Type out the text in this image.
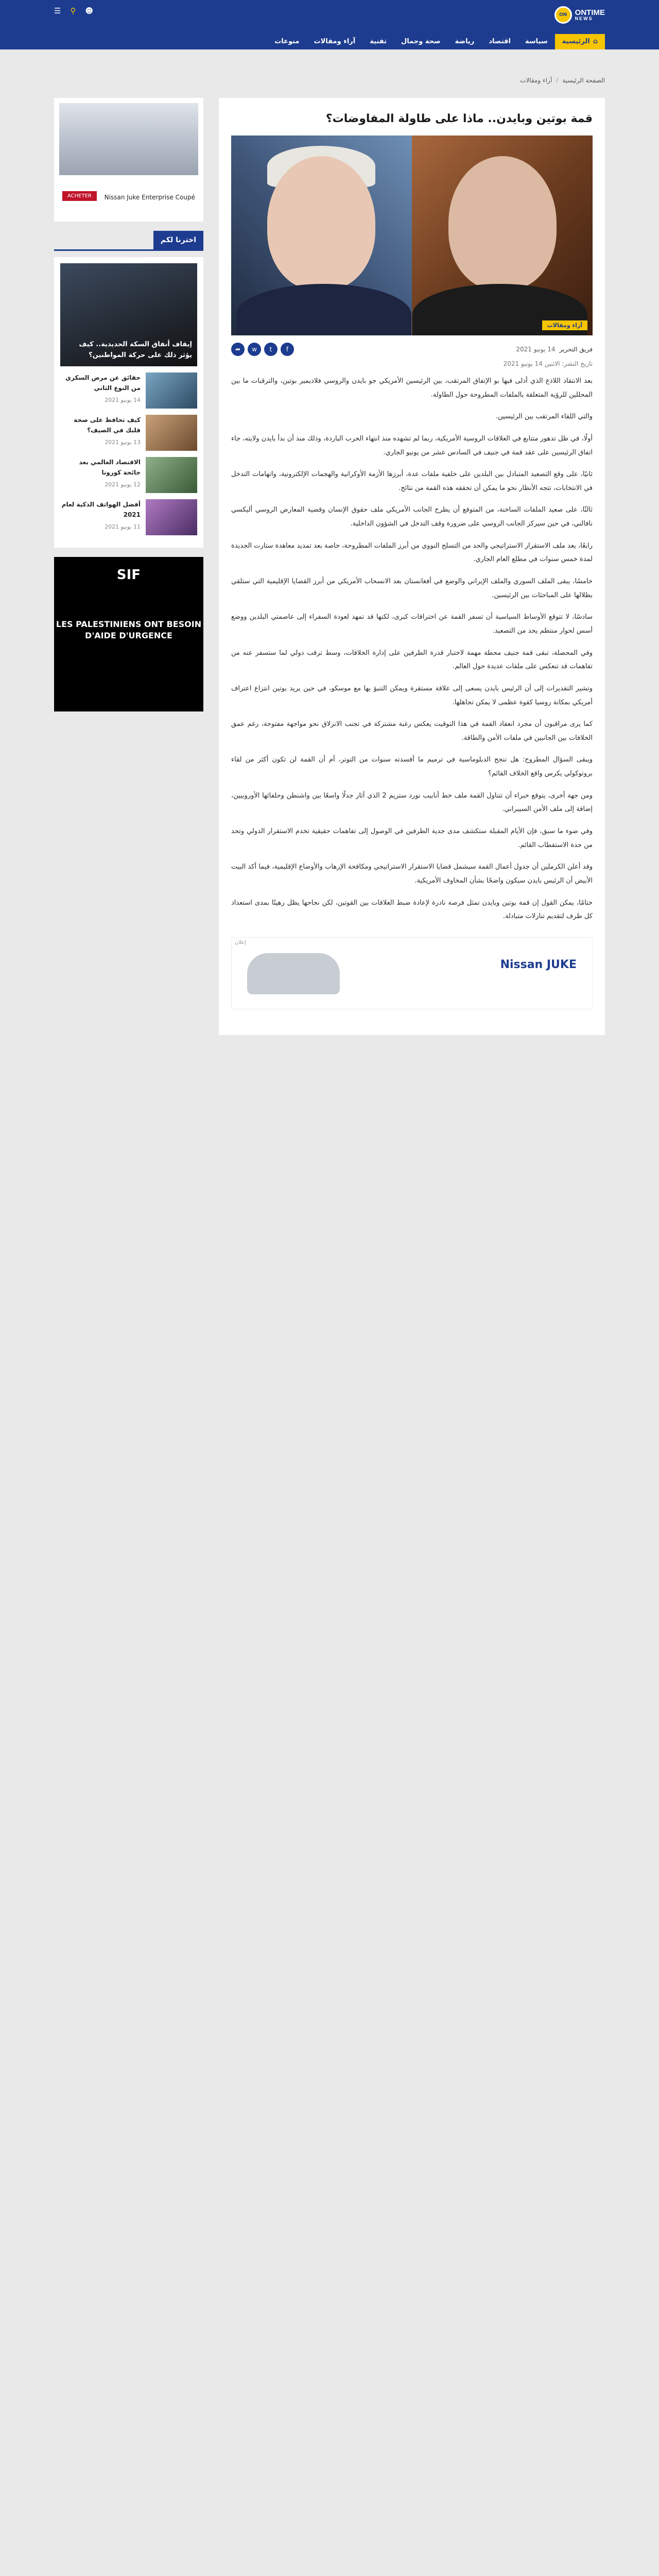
ONTIME
NEWS
ON
☻
⚲
☰
⌂
الرئيسية
سياسة
اقتصاد
رياضة
صحة وجمال
تقنية
آراء ومقالات
منوعات
الصفحة الرئيسية
/
آراء ومقالات
قمة بوتين وبايدن.. ماذا على طاولة المفاوضات؟
آراء ومقالات
فريق التحرير
14 يونيو 2021
f
t
w
➦
تاريخ النشر: الاثنين 14 يونيو 2021

بعد الانتقاد اللاذع الذي أدلى فيها بو الإتفاق المرتقب، بين الرئيسين الأمريكي جو بايدن والروسي فلاديمير بوتين، والترقبات ما بين المحللين للرؤية المتعلقة بالملفات المطروحة حول الطاولة.

والتي اللقاء المرتقب بين الرئيسين.

أولًا، في ظل تدهور متتابع في العلاقات الروسية الأمريكية، ربما لم تشهده منذ انتهاء الحرب الباردة، وذلك منذ أن بدأ بايدن ولايته، جاء اتفاق الرئيسين على عقد قمة في جنيف في السادس عشر من يونيو الجاري.

ثانيًا، على وقع التصعيد المتبادل بين البلدين على خلفية ملفات عدة، أبرزها الأزمة الأوكرانية والهجمات الإلكترونية، واتهامات التدخل في الانتخابات، تتجه الأنظار نحو ما يمكن أن تحققه هذه القمة من نتائج.

ثالثًا، على صعيد الملفات الساخنة، من المتوقع أن يطرح الجانب الأمريكي ملف حقوق الإنسان وقضية المعارض الروسي أليكسي نافالني، في حين سيركز الجانب الروسي على ضرورة وقف التدخل في الشؤون الداخلية.

رابعًا، يعد ملف الاستقرار الاستراتيجي والحد من التسلح النووي من أبرز الملفات المطروحة، خاصة بعد تمديد معاهدة ستارت الجديدة لمدة خمس سنوات في مطلع العام الجاري.

خامسًا، يبقى الملف السوري والملف الإيراني والوضع في أفغانستان بعد الانسحاب الأمريكي من أبرز القضايا الإقليمية التي ستلقي بظلالها على المباحثات بين الرئيسين.

سادسًا، لا تتوقع الأوساط السياسية أن تسفر القمة عن اختراقات كبرى، لكنها قد تمهد لعودة السفراء إلى عاصمتي البلدين ووضع أسس لحوار منتظم يحد من التصعيد.

وفي المحصلة، تبقى قمة جنيف محطة مهمة لاختبار قدرة الطرفين على إدارة الخلافات، وسط ترقب دولي لما ستسفر عنه من تفاهمات قد تنعكس على ملفات عديدة حول العالم.

وتشير التقديرات إلى أن الرئيس بايدن يسعى إلى علاقة مستقرة ويمكن التنبؤ بها مع موسكو، في حين يريد بوتين انتزاع اعتراف أمريكي بمكانة روسيا كقوة عظمى لا يمكن تجاهلها.

كما يرى مراقبون أن مجرد انعقاد القمة في هذا التوقيت يعكس رغبة مشتركة في تجنب الانزلاق نحو مواجهة مفتوحة، رغم عمق الخلافات بين الجانبين في ملفات الأمن والطاقة.

ويبقى السؤال المطروح: هل تنجح الدبلوماسية في ترميم ما أفسدته سنوات من التوتر، أم أن القمة لن تكون أكثر من لقاء بروتوكولي يكرس واقع الخلاف القائم؟

ومن جهة أخرى، يتوقع خبراء أن تتناول القمة ملف خط أنابيب نورد ستريم 2 الذي أثار جدلًا واسعًا بين واشنطن وحلفائها الأوروبيين، إضافة إلى ملف الأمن السيبراني.

وفي ضوء ما سبق، فإن الأيام المقبلة ستكشف مدى جدية الطرفين في الوصول إلى تفاهمات حقيقية تخدم الاستقرار الدولي وتحد من حدة الاستقطاب القائم.

وقد أعلن الكرملين أن جدول أعمال القمة سيشمل قضايا الاستقرار الاستراتيجي ومكافحة الإرهاب والأوضاع الإقليمية، فيما أكد البيت الأبيض أن الرئيس بايدن سيكون واضحًا بشأن المخاوف الأمريكية.

ختامًا، يمكن القول إن قمة بوتين وبايدن تمثل فرصة نادرة لإعادة ضبط العلاقات بين القوتين، لكن نجاحها يظل رهينًا بمدى استعداد كل طرف لتقديم تنازلات متبادلة.

إعلان
Nissan JUKE
Nissan Juke Enterprise Coupé
ACHETER
اخترنا لكم
إيقاف أنفاق السكة الحديدية.. كيف يؤثر ذلك على حركة المواطنين؟
حقائق عن مرض السكري من النوع الثاني
14 يونيو 2021
كيف تحافظ على صحة قلبك في الصيف؟
13 يونيو 2021
الاقتصاد العالمي بعد جائحة كورونا
12 يونيو 2021
أفضل الهواتف الذكية لعام 2021
11 يونيو 2021
SIF
LES PALESTINIENS ONT BESOIN D'AIDE D'URGENCE
